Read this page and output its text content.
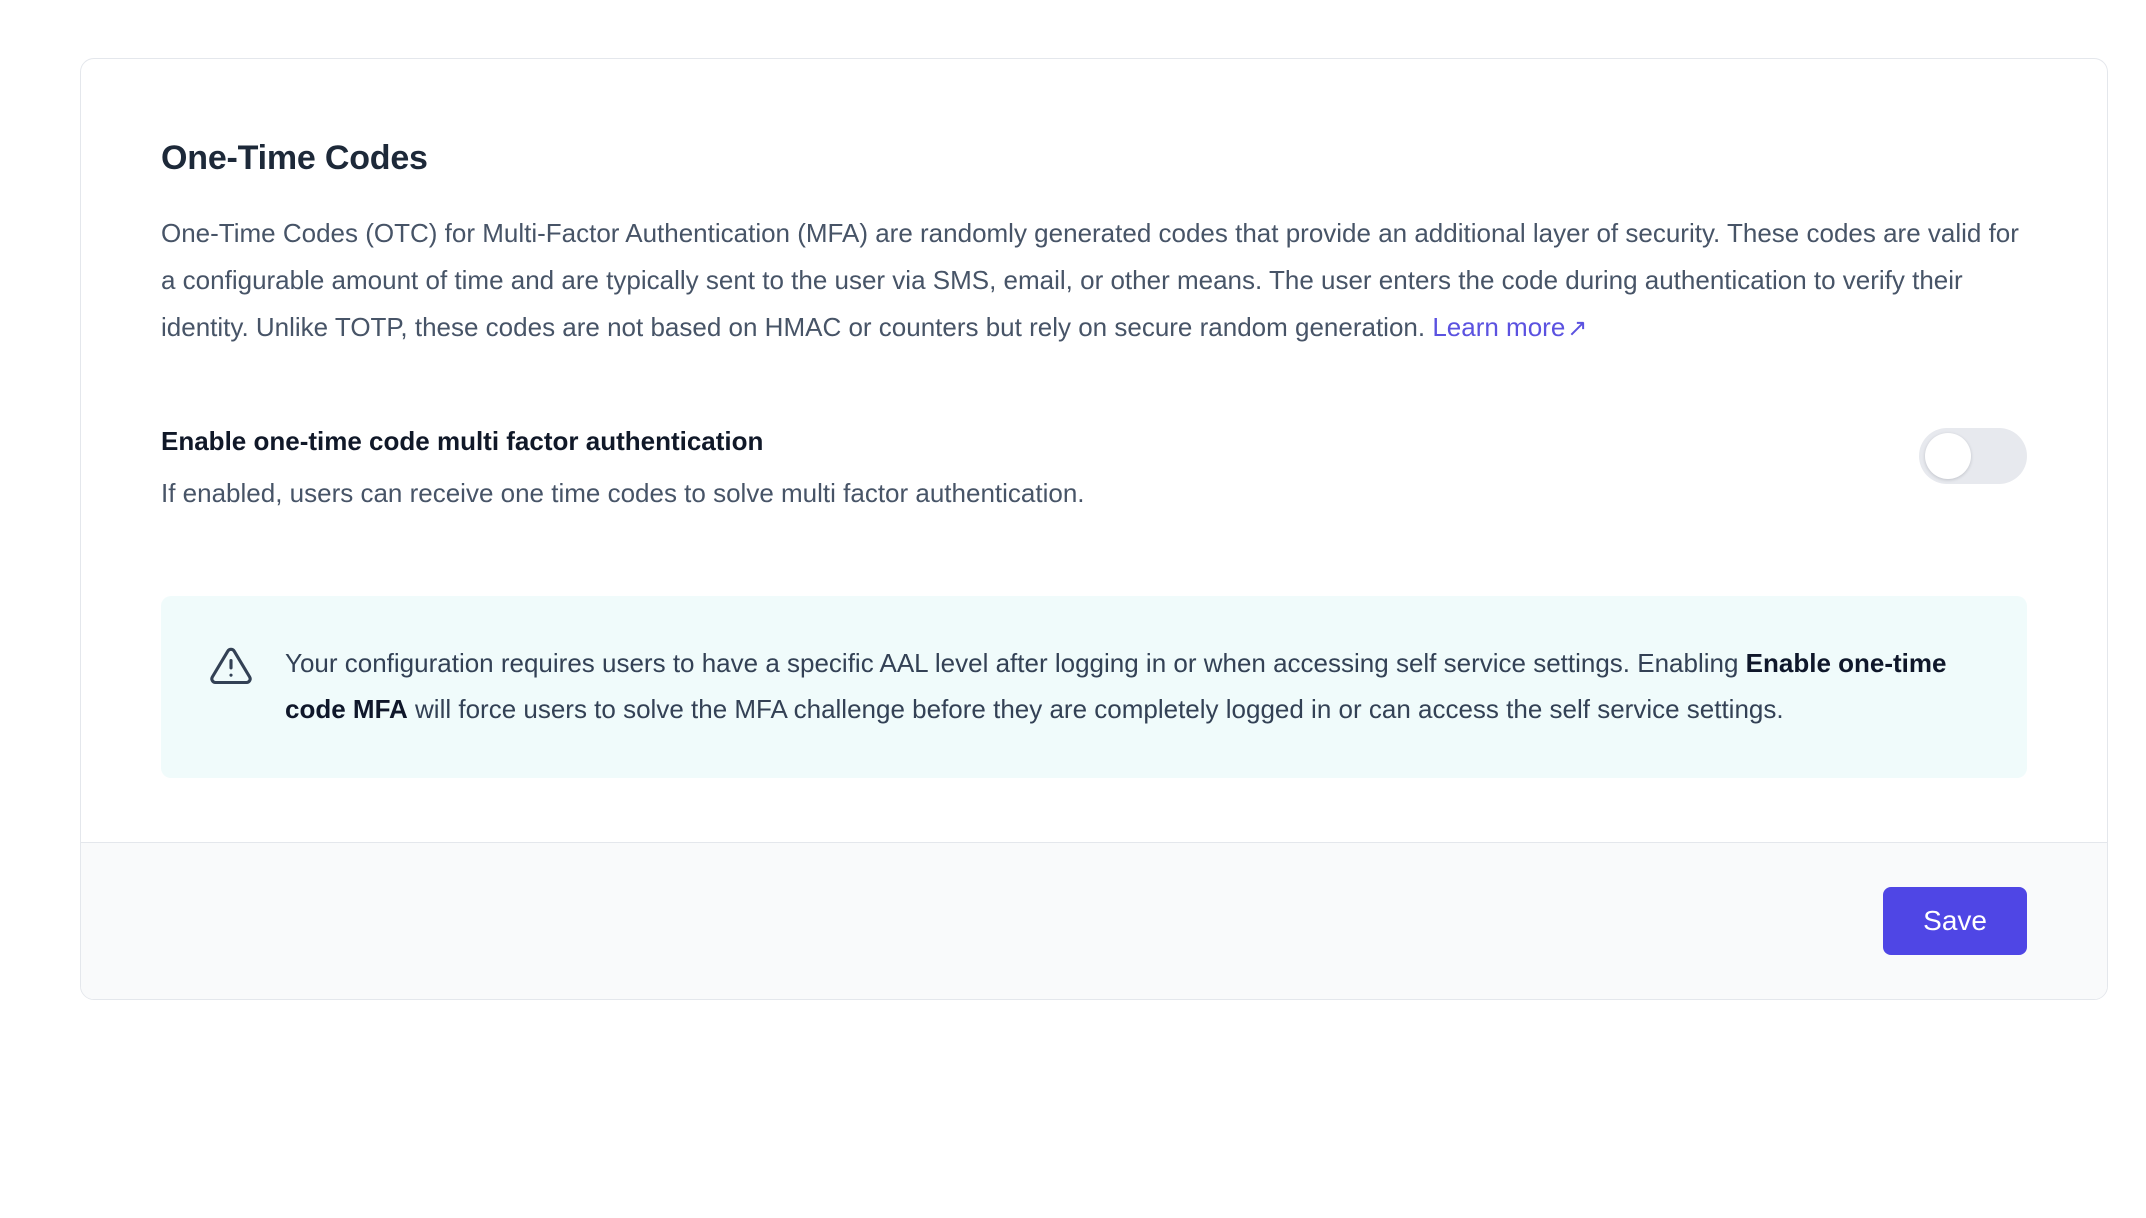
One-Time Codes

One-Time Codes (OTC) for Multi-Factor Authentication (MFA) are randomly generated codes that provide an additional layer of security. These codes are valid for a configurable amount of time and are typically sent to the user via SMS, email, or other means. The user enters the code during authentication to verify their identity. Unlike TOTP, these codes are not based on HMAC or counters but rely on secure random generation. Learn more↗

Enable one-time code multi factor authentication

If enabled, users can receive one time codes to solve multi factor authentication.

Your configuration requires users to have a specific AAL level after logging in or when accessing self service settings. Enabling Enable one-time code MFA will force users to solve the MFA challenge before they are completely logged in or can access the self service settings.
Save
